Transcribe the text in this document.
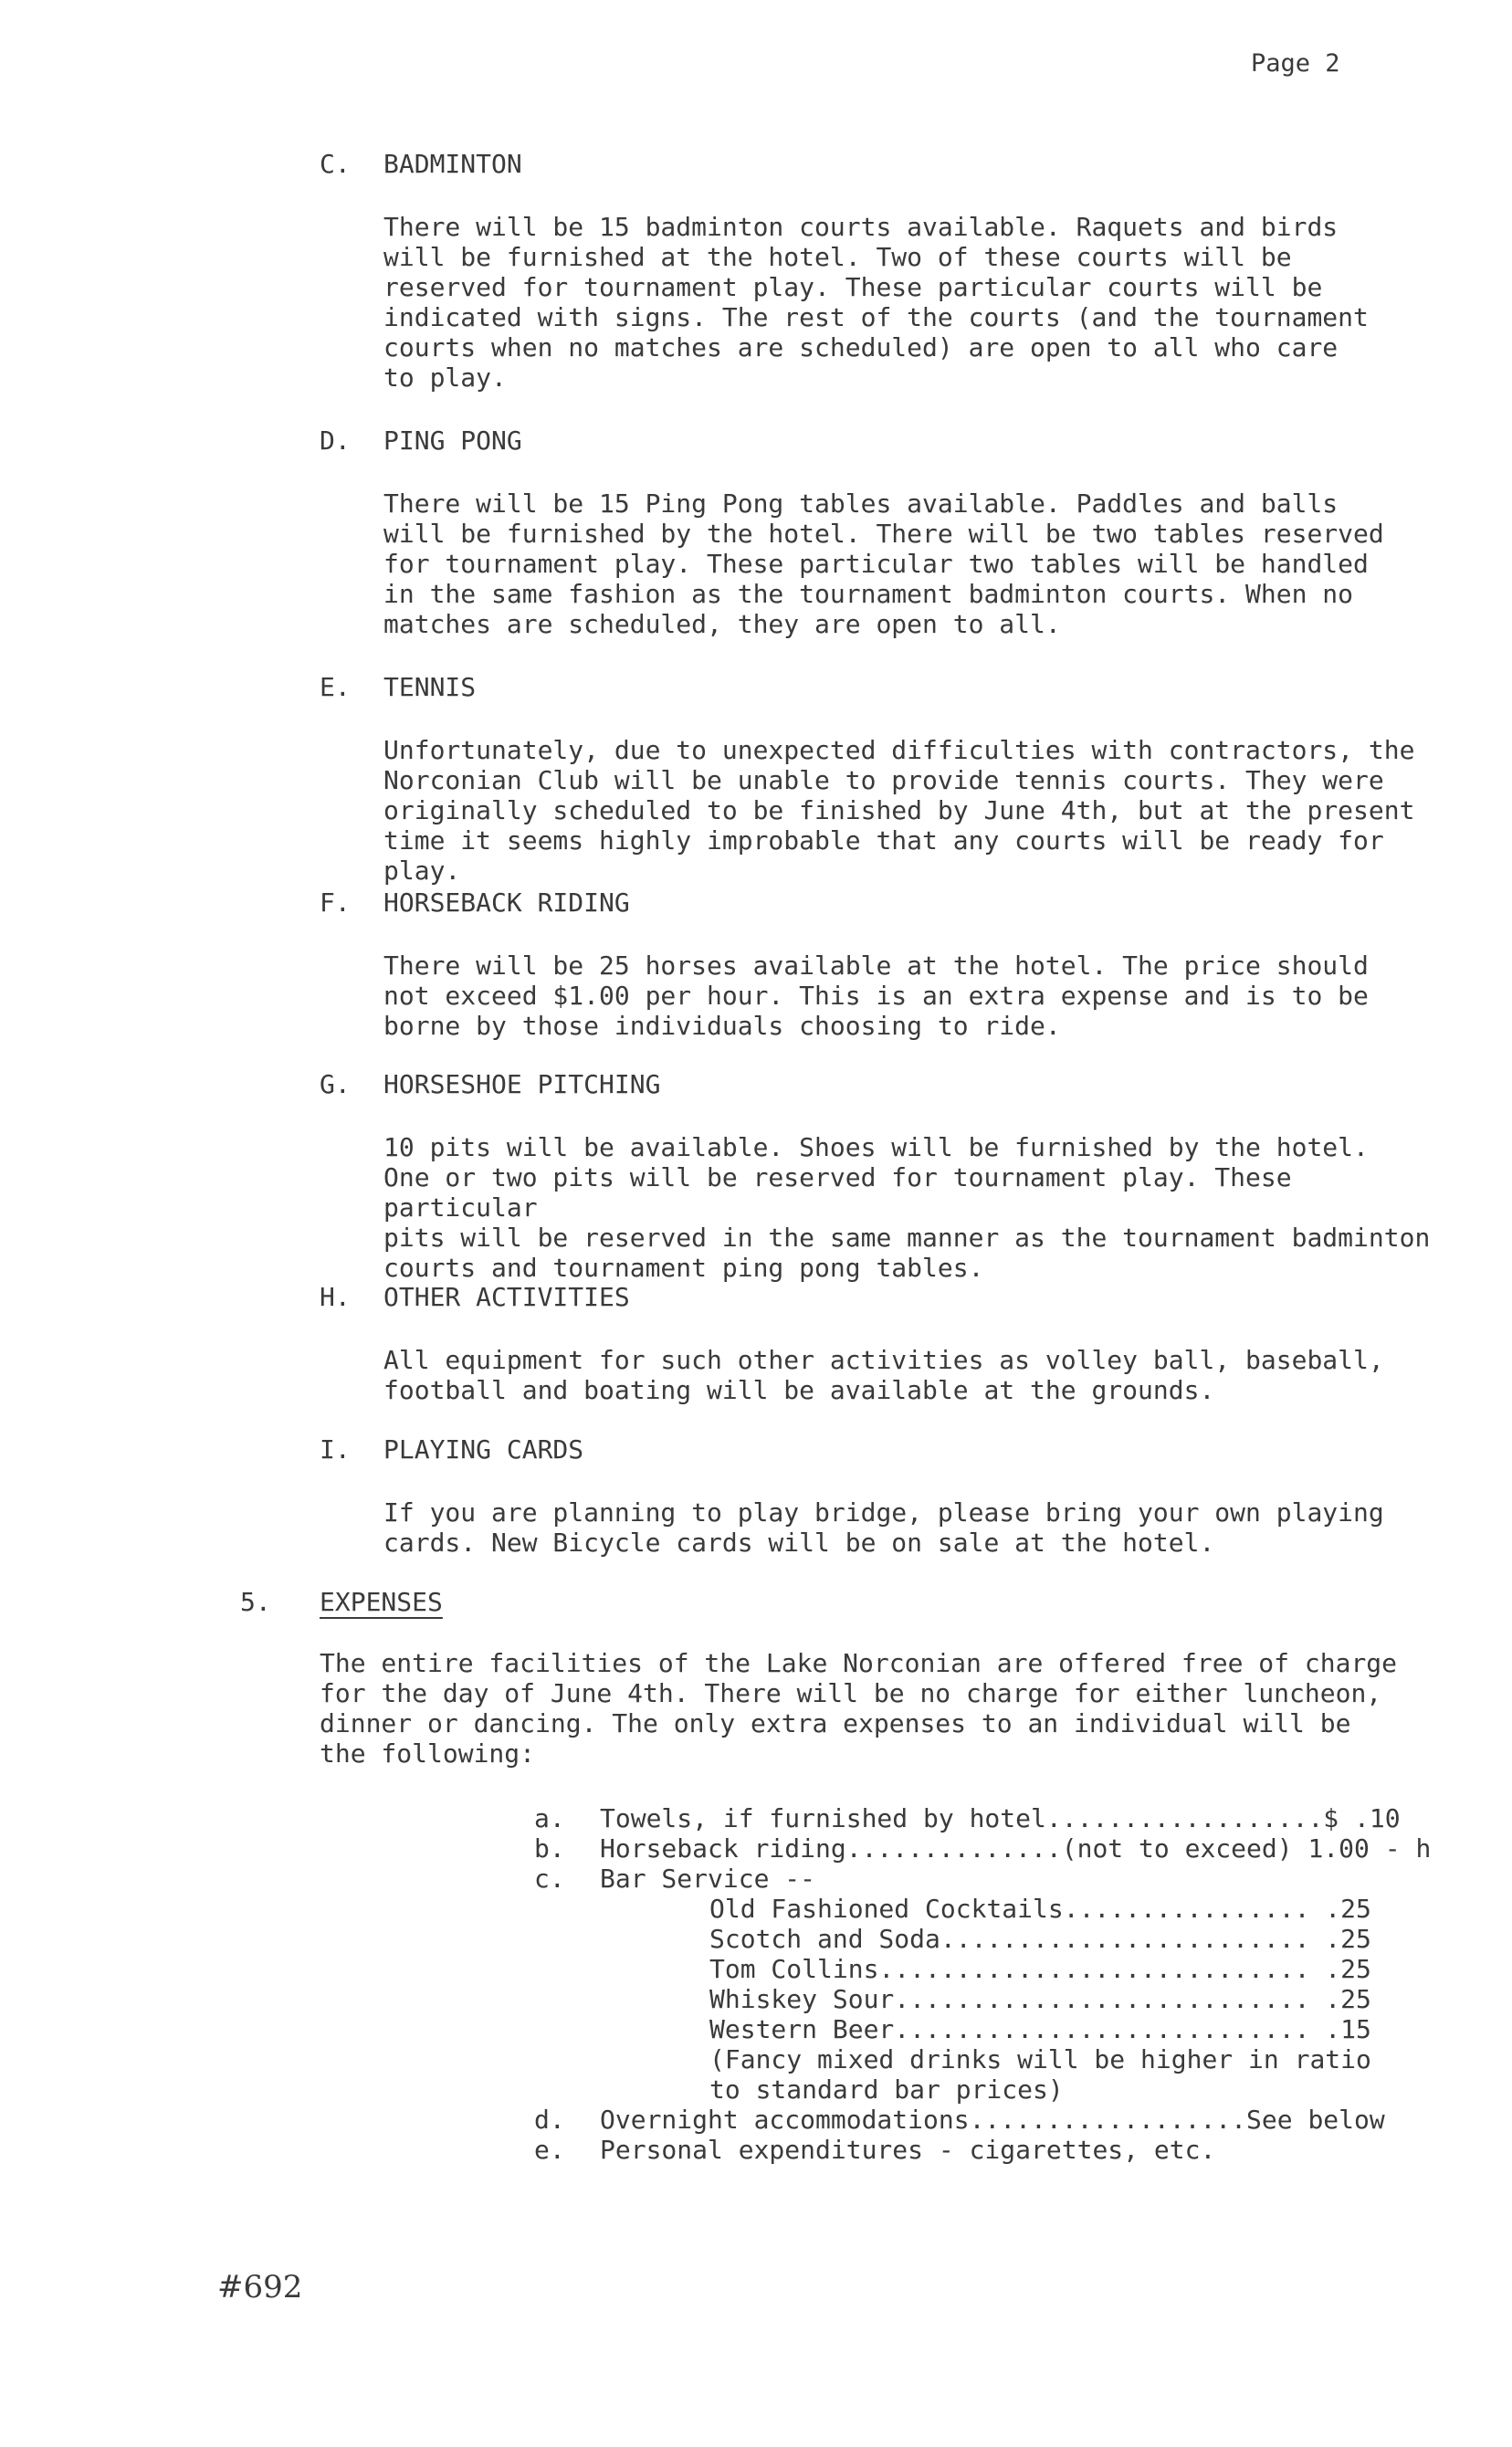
Page 2
C.	BADMINTON
There will be 15 badminton courts available. Raquets and birds
will be furnished at the hotel. Two of these courts will be
reserved for tournament play. These particular courts will be
indicated with signs. The rest of the courts (and the tournament
courts when no matches are scheduled) are open to all who care
to play.
D.	PING PONG
There will be 15 Ping Pong tables available. Paddles and balls
will be furnished by the hotel. There will be two tables reserved
for tournament play. These particular two tables will be handled
in the same fashion as the tournament badminton courts. When no
matches are scheduled, they are open to all.
E.	TENNIS
Unfortunately, due to unexpected difficulties with contractors, the
Norconian Club will be unable to provide tennis courts. They were
originally scheduled to be finished by June 4th, but at the present
time it seems highly improbable that any courts will be ready for play.
F.	HORSEBACK RIDING
There will be 25 horses available at the hotel. The price should
not exceed $1.00 per hour. This is an extra expense and is to be
borne by those individuals choosing to ride.
G.	HORSESHOE PITCHING
10 pits will be available. Shoes will be furnished by the hotel.
One or two pits will be reserved for tournament play. These particular
pits will be reserved in the same manner as the tournament badminton
courts and tournament ping pong tables.
H.	OTHER ACTIVITIES
All equipment for such other activities as volley ball, baseball,
football and boating will be available at the grounds.
I.	PLAYING CARDS
If you are planning to play bridge, please bring your own playing
cards. New Bicycle cards will be on sale at the hotel.
5.	EXPENSES
The entire facilities of the Lake Norconian are offered free of charge
for the day of June 4th. There will be no charge for either luncheon,
dinner or dancing. The only extra expenses to an individual will be
the following:
a.	Towels, if furnished by hotel..................$ .10
b.	Horseback riding..............(not to exceed) 1.00 - h
c.	Bar Service --
Old Fashioned Cocktails................ .25
Scotch and Soda........................ .25
Tom Collins............................ .25
Whiskey Sour........................... .25
Western Beer........................... .15
(Fancy mixed drinks will be higher in ratio
to standard bar prices)
d.	Overnight accommodations..................See below
e.	Personal expenditures - cigarettes, etc.
#692
